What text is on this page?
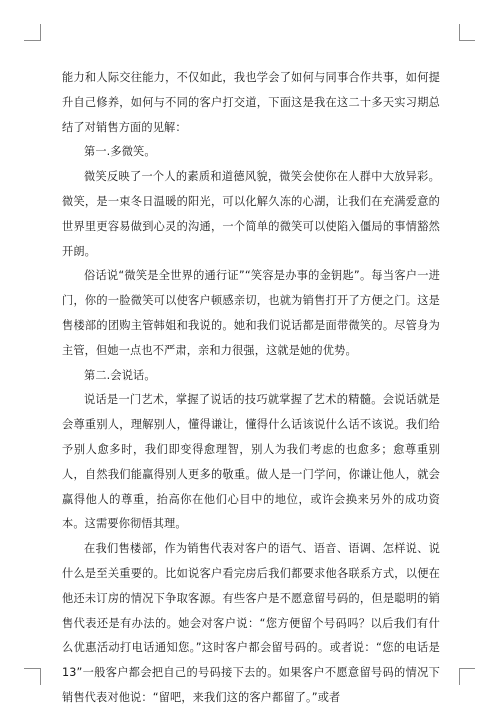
能力和人际交往能力，不仅如此，我也学会了如何与同事合作共事，如何提升自己修养，如何与不同的客户打交道，下面这是我在这二十多天实习期总结了对销售方面的见解：

第一.多微笑。

微笑反映了一个人的素质和道德风貌，微笑会使你在人群中大放异彩。微笑，是一束冬日温暖的阳光，可以化解久冻的心湖，让我们在充满爱意的世界里更容易做到心灵的沟通，一个简单的微笑可以使陷入僵局的事情豁然开朗。

俗话说“微笑是全世界的通行证”“笑容是办事的金钥匙”。每当客户一进门，你的一脸微笑可以使客户顿感亲切，也就为销售打开了方便之门。这是售楼部的团购主管韩姐和我说的。她和我们说话都是面带微笑的。尽管身为主管，但她一点也不严肃，亲和力很强，这就是她的优势。

第二.会说话。

说话是一门艺术，掌握了说话的技巧就掌握了艺术的精髓。会说话就是会尊重别人，理解别人，懂得谦让，懂得什么话该说什么话不该说。我们给予别人愈多时，我们即变得愈理智，别人为我们考虑的也愈多；愈尊重别人，自然我们能赢得别人更多的敬重。做人是一门学问，你谦让他人，就会赢得他人的尊重，抬高你在他们心目中的地位，或许会换来另外的成功资本。这需要你彻悟其理。

在我们售楼部，作为销售代表对客户的语气、语音、语调、怎样说、说什么是至关重要的。比如说客户看完房后我们都要求他各联系方式，以便在他还未订房的情况下争取客源。有些客户是不愿意留号码的，但是聪明的销售代表还是有办法的。她会对客户说：“您方便留个号码吗？以后我们有什么优惠活动打电话通知您。”这时客户都会留号码的。或者说：“您的电话是13”一般客户都会把自己的号码接下去的。如果客户不愿意留号码的情况下销售代表对他说：“留吧，来我们这的客户都留了。”或者
